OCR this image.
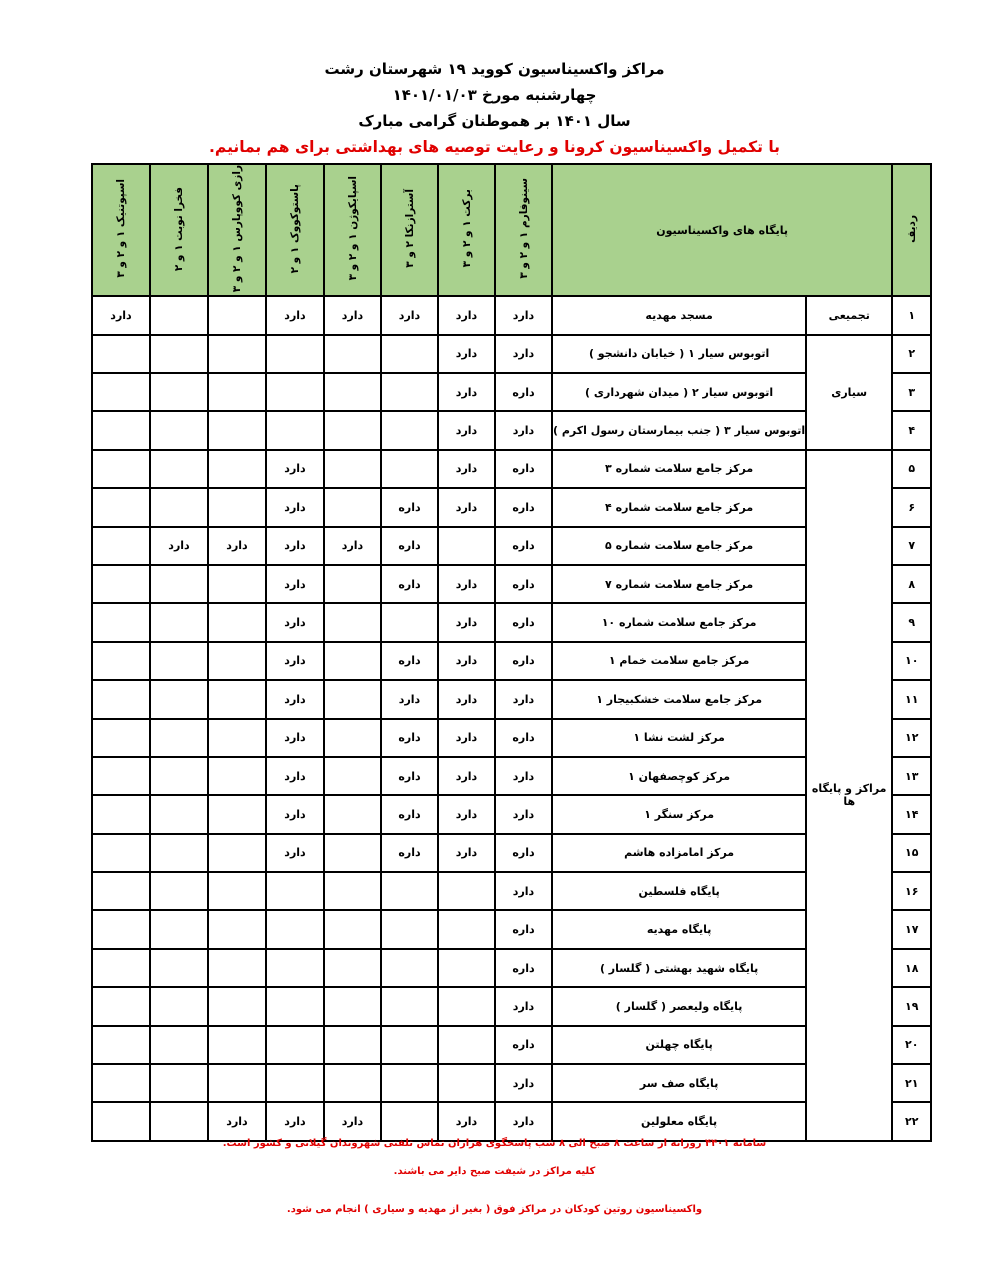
مراکز واکسیناسیون کووید ۱۹ شهرستان رشت
چهارشنبه مورخ ۱۴۰۱/۰۱/۰۳
سال ۱۴۰۱ بر هموطنان گرامی مبارک
با تکمیل واکسیناسیون کرونا و رعایت توصیه های بهداشتی برای هم بمانیم.
ردیف	پایگاه های واکسیناسیون		سینوفارم ۱ و ۲ و ۳	برکت ۱ و ۲ و ۳	آسترازنکا ۲ و ۳	اسپایکوژن ۱ و ۲ و ۳	پاستوکووک ۱ و ۲	رازی کووپارس ۱ و ۲ و ۳	فخرا نوبت ۱ و ۲	اسپوتنیک ۱ و ۲ و ۳
۱	تجمیعی	مسجد مهدیه	دارد	دارد	دارد	دارد	دارد			دارد
۲	سیاری	اتوبوس سیار ۱ ( خیابان دانشجو )	دارد	دارد						
۳		اتوبوس سیار ۲ ( میدان شهرداری )	داره	دارد						
۴		اتوبوس سیار ۳ ( جنب بیمارستان رسول اکرم )	دارد	دارد						
۵	مراکز و پایگاه ها	مرکز جامع سلامت شماره ۳	داره	دارد			دارد			
۶		مرکز جامع سلامت شماره ۴	داره	دارد	داره		دارد			
۷		مرکز جامع سلامت شماره ۵	داره		داره	دارد	دارد	دارد	دارد	
۸		مرکز جامع سلامت شماره ۷	داره	دارد	داره		دارد			
۹		مرکز جامع سلامت شماره ۱۰	داره	دارد			دارد			
۱۰		مرکز جامع سلامت خمام ۱	داره	دارد	داره		دارد			
۱۱		مرکز جامع سلامت خشکبیجار ۱	دارد	دارد	دارد		دارد			
۱۲		مرکز لشت نشا ۱	داره	دارد	داره		دارد			
۱۳		مرکز کوچصفهان ۱	دارد	دارد	داره		دارد			
۱۴		مرکز سنگر ۱	دارد	دارد	داره		دارد			
۱۵		مرکز امامزاده هاشم	داره	دارد	داره		دارد			
۱۶		پایگاه فلسطین	دارد							
۱۷		پایگاه مهدیه	داره							
۱۸		پایگاه شهید بهشتی ( گلسار )	داره							
۱۹		پایگاه ولیعصر ( گلسار )	دارد							
۲۰		پایگاه چهلتن	داره							
۲۱		پایگاه صف سر	دارد							
۲۲		پایگاه معلولین	دارد	دارد		دارد	دارد	دارد		
سامانه ۴۴۰۱ روزانه از ساعت ۸ صبح الی ۸ شب پاسخگوی هزاران تماس تلفنی شهروندان گیلانی و کشور است.
کلیه مراکز در شیفت صبح دایر می باشند.
واکسیناسیون روتین کودکان در مراکز فوق ( بغیر از مهدیه و سیاری ) انجام می شود.
